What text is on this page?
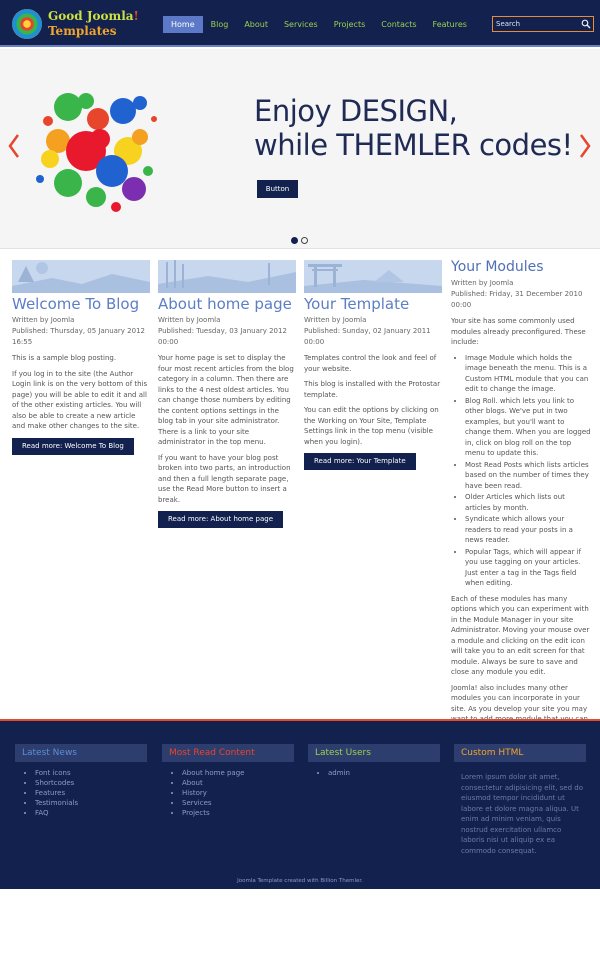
Good Joomla!
Templates	Home	Blog	About	Services	Projects	Contacts	Features
Search
Enjoy DESIGN,
while THEMLER codes!
Button
Welcome To Blog
Written by Joomla
Published: Thursday, 05 January 2012 16:55
This is a sample blog posting.
If you log in to the site (the Author Login link is on the very bottom of this page) you will be able to edit it and all of the other existing articles. You will also be able to create a new article and make other changes to the site.
Read more: Welcome To Blog
About home page
Written by Joomla
Published: Tuesday, 03 January 2012 00:00
Your home page is set to display the four most recent articles from the blog category in a column. Then there are links to the 4 nest oldest articles. You can change those numbers by editing the content options settings in the blog tab in your site administrator. There is a link to your site administrator in the top menu.
If you want to have your blog post broken into two parts, an introduction and then a full length separate page, use the Read More button to insert a break.
Read more: About home page
Your Template
Written by Joomla
Published: Sunday, 02 January 2011 00:00
Templates control the look and feel of your website.
This blog is installed with the Protostar template.
You can edit the options by clicking on the Working on Your Site, Template Settings link in the top menu (visible when you login).
Read more: Your Template
Your Modules
Written by Joomla
Published: Friday, 31 December 2010 00:00
Your site has some commonly used modules already preconfigured. These include:
• Image Module which holds the image beneath the menu. This is a Custom HTML module that you can edit to change the image.
• Blog Roll. which lets you link to other blogs. We've put in two examples, but you'll want to change them. When you are logged in, click on blog roll on the top menu to update this.
• Most Read Posts which lists articles based on the number of times they have been read.
• Older Articles which lists out articles by month.
• Syndicate which allows your readers to read your posts in a news reader.
• Popular Tags, which will appear if you use tagging on your articles. Just enter a tag in the Tags field when editing.
Each of these modules has many options which you can experiment with in the Module Manager in your site Administrator. Moving your mouse over a module and clicking on the edit icon will take you to an edit screen for that module. Always be sure to save and close any module you edit.
Joomla! also includes many other modules you can incorporate in your site. As you develop your site you may
Latest News
• Font icons
• Shortcodes
• Features
• Testimonials
• FAQ
Most Read Content
• About home page
• About
• History
• Services
• Projects
Latest Users
• admin
Custom HTML

Lorem ipsum dolor sit amet, consectetur adipisicing elit, sed do eiusmod tempor incididunt ut labore et dolore magna aliqua. Ut enim ad minim veniam, quis nostrud exercitation ullamco laboris nisi ut aliquip ex ea commodo consequat.

Joomla Template created with Billion Themler.
